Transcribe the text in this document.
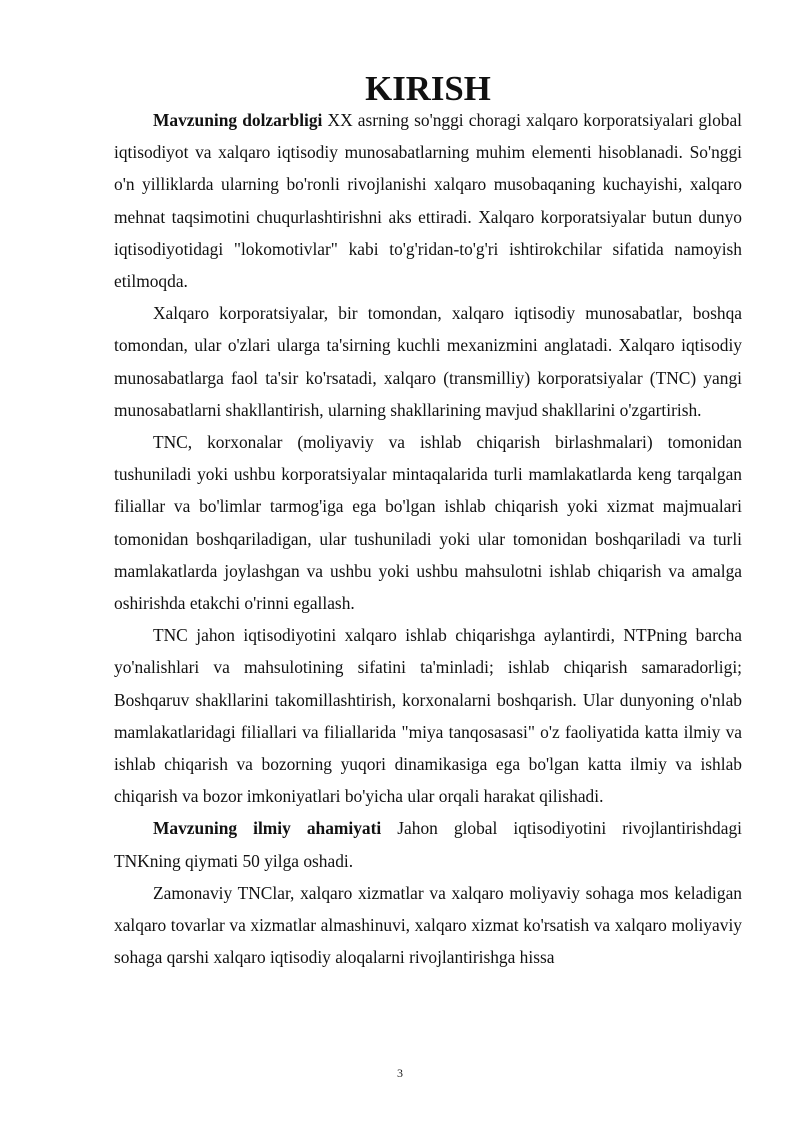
KIRISH

Mavzuning dolzarbligi XX asrning so'nggi choragi xalqaro korporatsiyalari global iqtisodiyot va xalqaro iqtisodiy munosabatlarning muhim elementi hisoblanadi. So'nggi o'n yilliklarda ularning bo'ronli rivojlanishi xalqaro musobaqaning kuchayishi, xalqaro mehnat taqsimotini chuqurlashtirishni aks ettiradi. Xalqaro korporatsiyalar butun dunyo iqtisodiyotidagi "lokomotivlar" kabi to'g'ridan-to'g'ri ishtirokchilar sifatida namoyish etilmoqda.

Xalqaro korporatsiyalar, bir tomondan, xalqaro iqtisodiy munosabatlar, boshqa tomondan, ular o'zlari ularga ta'sirning kuchli mexanizmini anglatadi. Xalqaro iqtisodiy munosabatlarga faol ta'sir ko'rsatadi, xalqaro (transmilliy) korporatsiyalar (TNC) yangi munosabatlarni shakllantirish, ularning shakllarining mavjud shakllarini o'zgartirish.

TNC, korxonalar (moliyaviy va ishlab chiqarish birlashmalari) tomonidan tushuniladi yoki ushbu korporatsiyalar mintaqalarida turli mamlakatlarda keng tarqalgan filiallar va bo'limlar tarmog'iga ega bo'lgan ishlab chiqarish yoki xizmat majmualari tomonidan boshqariladigan, ular tushuniladi yoki ular tomonidan boshqariladi va turli mamlakatlarda joylashgan va ushbu yoki ushbu mahsulotni ishlab chiqarish va amalga oshirishda etakchi o'rinni egallash.

TNC jahon iqtisodiyotini xalqaro ishlab chiqarishga aylantirdi, NTPning barcha yo'nalishlari va mahsulotining sifatini ta'minladi; ishlab chiqarish samaradorligi; Boshqaruv shakllarini takomillashtirish, korxonalarni boshqarish. Ular dunyoning o'nlab mamlakatlaridagi filiallari va filiallarida "miya tanqosasasi" o'z faoliyatida katta ilmiy va ishlab chiqarish va bozorning yuqori dinamikasiga ega bo'lgan katta ilmiy va ishlab chiqarish va bozor imkoniyatlari bo'yicha ular orqali harakat qilishadi.

Mavzuning ilmiy ahamiyati Jahon global iqtisodiyotini rivojlantirishdagi TNKning qiymati 50 yilga oshadi.

Zamonaviy TNClar, xalqaro xizmatlar va xalqaro moliyaviy sohaga mos keladigan xalqaro tovarlar va xizmatlar almashinuvi, xalqaro xizmat ko'rsatish va xalqaro moliyaviy sohaga qarshi xalqaro iqtisodiy aloqalarni rivojlantirishga hissa

3
